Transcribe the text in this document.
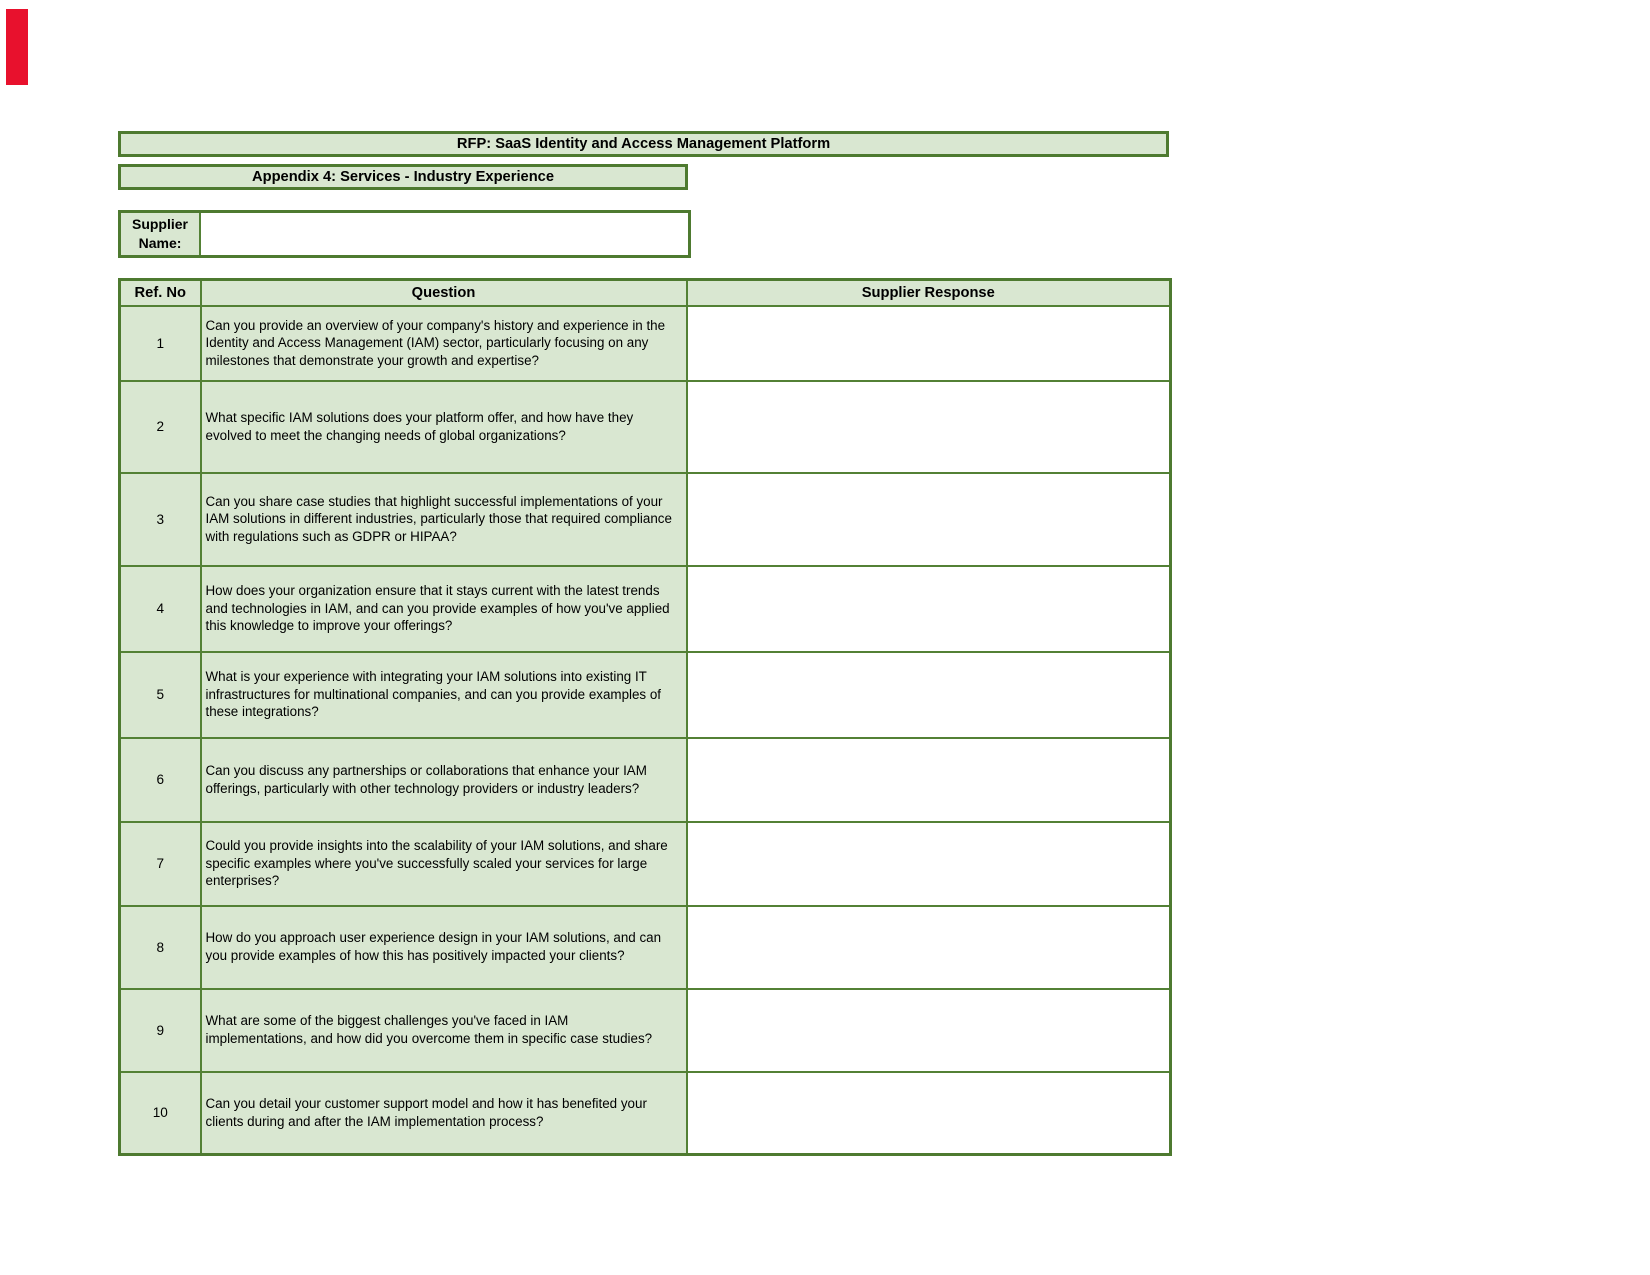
RFP: SaaS Identity and Access Management Platform
Appendix 4: Services - Industry Experience
Supplier Name:
Ref. No	Question	Supplier Response
1	Can you provide an overview of your company's history and experience in the Identity and Access Management (IAM) sector, particularly focusing on any milestones that demonstrate your growth and expertise?	
2	What specific IAM solutions does your platform offer, and how have they evolved to meet the changing needs of global organizations?	
3	Can you share case studies that highlight successful implementations of your IAM solutions in different industries, particularly those that required compliance with regulations such as GDPR or HIPAA?	
4	How does your organization ensure that it stays current with the latest trends and technologies in IAM, and can you provide examples of how you've applied this knowledge to improve your offerings?	
5	What is your experience with integrating your IAM solutions into existing IT infrastructures for multinational companies, and can you provide examples of these integrations?	
6	Can you discuss any partnerships or collaborations that enhance your IAM offerings, particularly with other technology providers or industry leaders?	
7	Could you provide insights into the scalability of your IAM solutions, and share specific examples where you've successfully scaled your services for large enterprises?	
8	How do you approach user experience design in your IAM solutions, and can you provide examples of how this has positively impacted your clients?	
9	What are some of the biggest challenges you've faced in IAM implementations, and how did you overcome them in specific case studies?	
10	Can you detail your customer support model and how it has benefited your clients during and after the IAM implementation process?	
